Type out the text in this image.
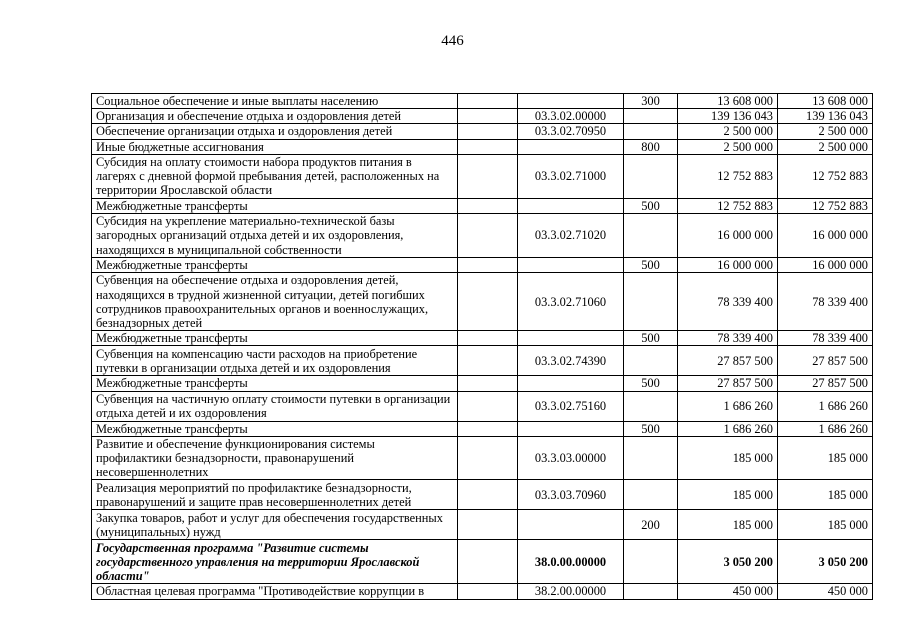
446
Социальное обеспечение и иные выплаты населению			300	13 608 000	13 608 000
Организация и обеспечение отдыха и оздоровления детей		03.3.02.00000		139 136 043	139 136 043
Обеспечение организации отдыха и оздоровления детей		03.3.02.70950		2 500 000	2 500 000
Иные бюджетные ассигнования			800	2 500 000	2 500 000
Субсидия на оплату стоимости набора продуктов питания в лагерях с дневной формой пребывания детей, расположенных на территории Ярославской области		03.3.02.71000		12 752 883	12 752 883
Межбюджетные трансферты			500	12 752 883	12 752 883
Субсидия на укрепление материально-технической базы загородных организаций отдыха детей и их оздоровления, находящихся в муниципальной собственности		03.3.02.71020		16 000 000	16 000 000
Межбюджетные трансферты			500	16 000 000	16 000 000
Субвенция на обеспечение отдыха и оздоровления детей, находящихся в трудной жизненной ситуации, детей погибших сотрудников правоохранительных органов и военнослужащих, безнадзорных детей		03.3.02.71060		78 339 400	78 339 400
Межбюджетные трансферты			500	78 339 400	78 339 400
Субвенция на компенсацию части расходов на приобретение путевки в организации отдыха детей и их оздоровления		03.3.02.74390		27 857 500	27 857 500
Межбюджетные трансферты			500	27 857 500	27 857 500
Субвенция на частичную оплату стоимости путевки в организации отдыха детей и их оздоровления		03.3.02.75160		1 686 260	1 686 260
Межбюджетные трансферты			500	1 686 260	1 686 260
Развитие и обеспечение функционирования системы профилактики безнадзорности, правонарушений несовершеннолетних		03.3.03.00000		185 000	185 000
Реализация мероприятий по профилактике безнадзорности, правонарушений и защите прав несовершеннолетних детей		03.3.03.70960		185 000	185 000
Закупка товаров, работ и услуг для обеспечения государственных (муниципальных) нужд			200	185 000	185 000
Государственная программа "Развитие системы государственного управления на территории Ярославской области"		38.0.00.00000		3 050 200	3 050 200
Областная целевая программа "Противодействие коррупции в		38.2.00.00000		450 000	450 000
